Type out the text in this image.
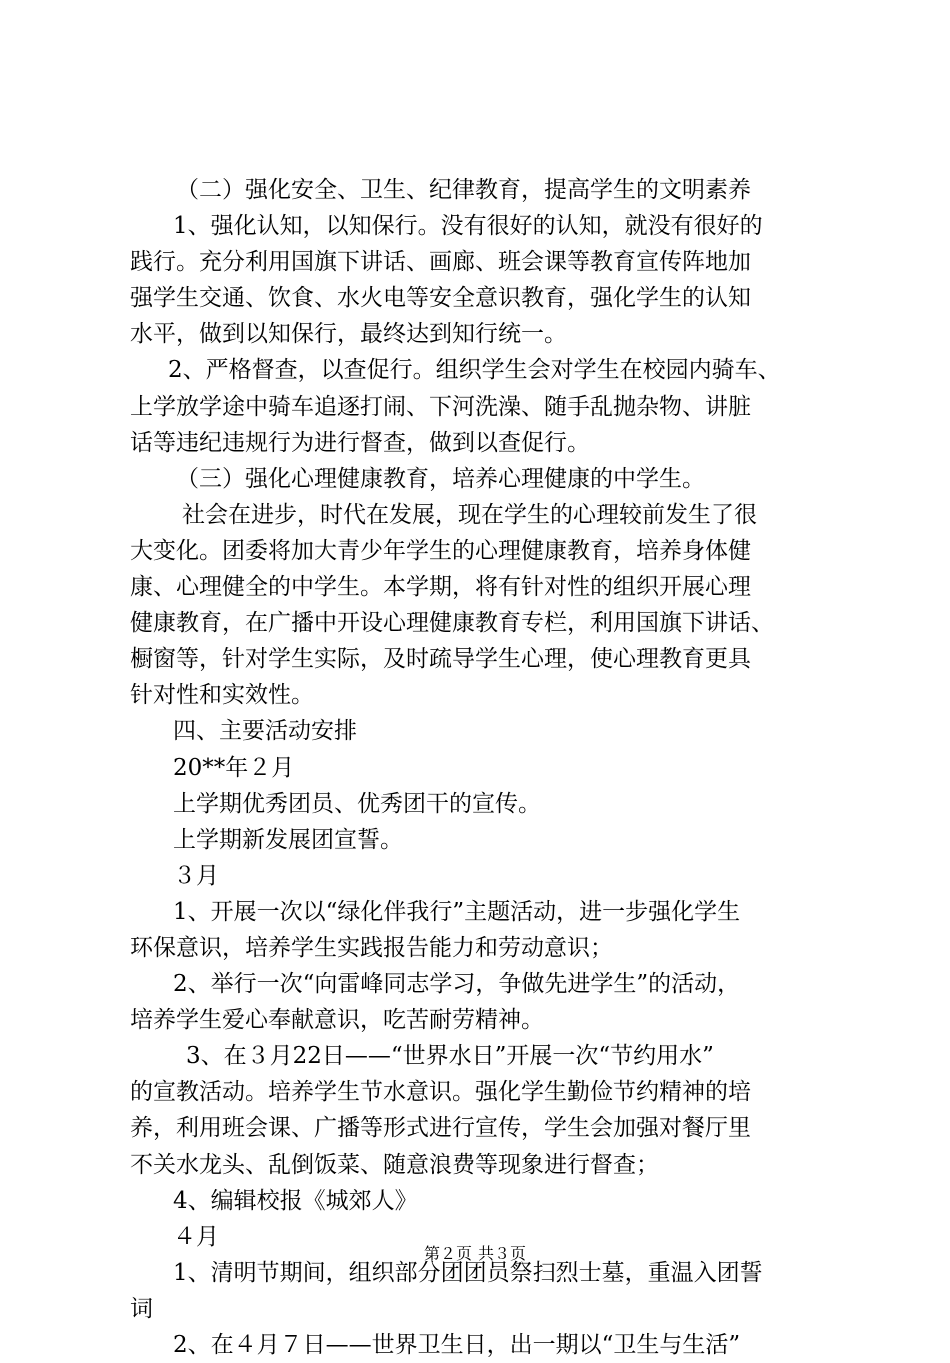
（二）强化安全、卫生、纪律教育，提高学生的文明素养
1、强化认知，以知保行。没有很好的认知，就没有很好的
践行。充分利用国旗下讲话、画廊、班会课等教育宣传阵地加
强学生交通、饮食、水火电等安全意识教育，强化学生的认知
水平，做到以知保行，最终达到知行统一。
2、严格督查，以查促行。组织学生会对学生在校园内骑车、
上学放学途中骑车追逐打闹、下河洗澡、随手乱抛杂物、讲脏
话等违纪违规行为进行督查，做到以查促行。
（三）强化心理健康教育，培养心理健康的中学生。
社会在进步，时代在发展，现在学生的心理较前发生了很
大变化。团委将加大青少年学生的心理健康教育，培养身体健
康、心理健全的中学生。本学期，将有针对性的组织开展心理
健康教育，在广播中开设心理健康教育专栏，利用国旗下讲话、
橱窗等，针对学生实际，及时疏导学生心理，使心理教育更具
针对性和实效性。
四、主要活动安排
20**年２月
上学期优秀团员、优秀团干的宣传。
上学期新发展团宣誓。
３月
1、开展一次以“绿化伴我行”主题活动，进一步强化学生
环保意识，培养学生实践报告能力和劳动意识；
2、举行一次“向雷峰同志学习，争做先进学生”的活动，
培养学生爱心奉献意识，吃苦耐劳精神。
3、在３月22日——“世界水日”开展一次“节约用水”
的宣教活动。培养学生节水意识。强化学生勤俭节约精神的培
养，利用班会课、广播等形式进行宣传，学生会加强对餐厅里
不关水龙头、乱倒饭菜、随意浪费等现象进行督查；
4、编辑校报《城郊人》
４月
1、清明节期间，组织部分团团员祭扫烈士墓，重温入团誓
词
2、在４月７日——世界卫生日，出一期以“卫生与生活”
第２页 共３页
